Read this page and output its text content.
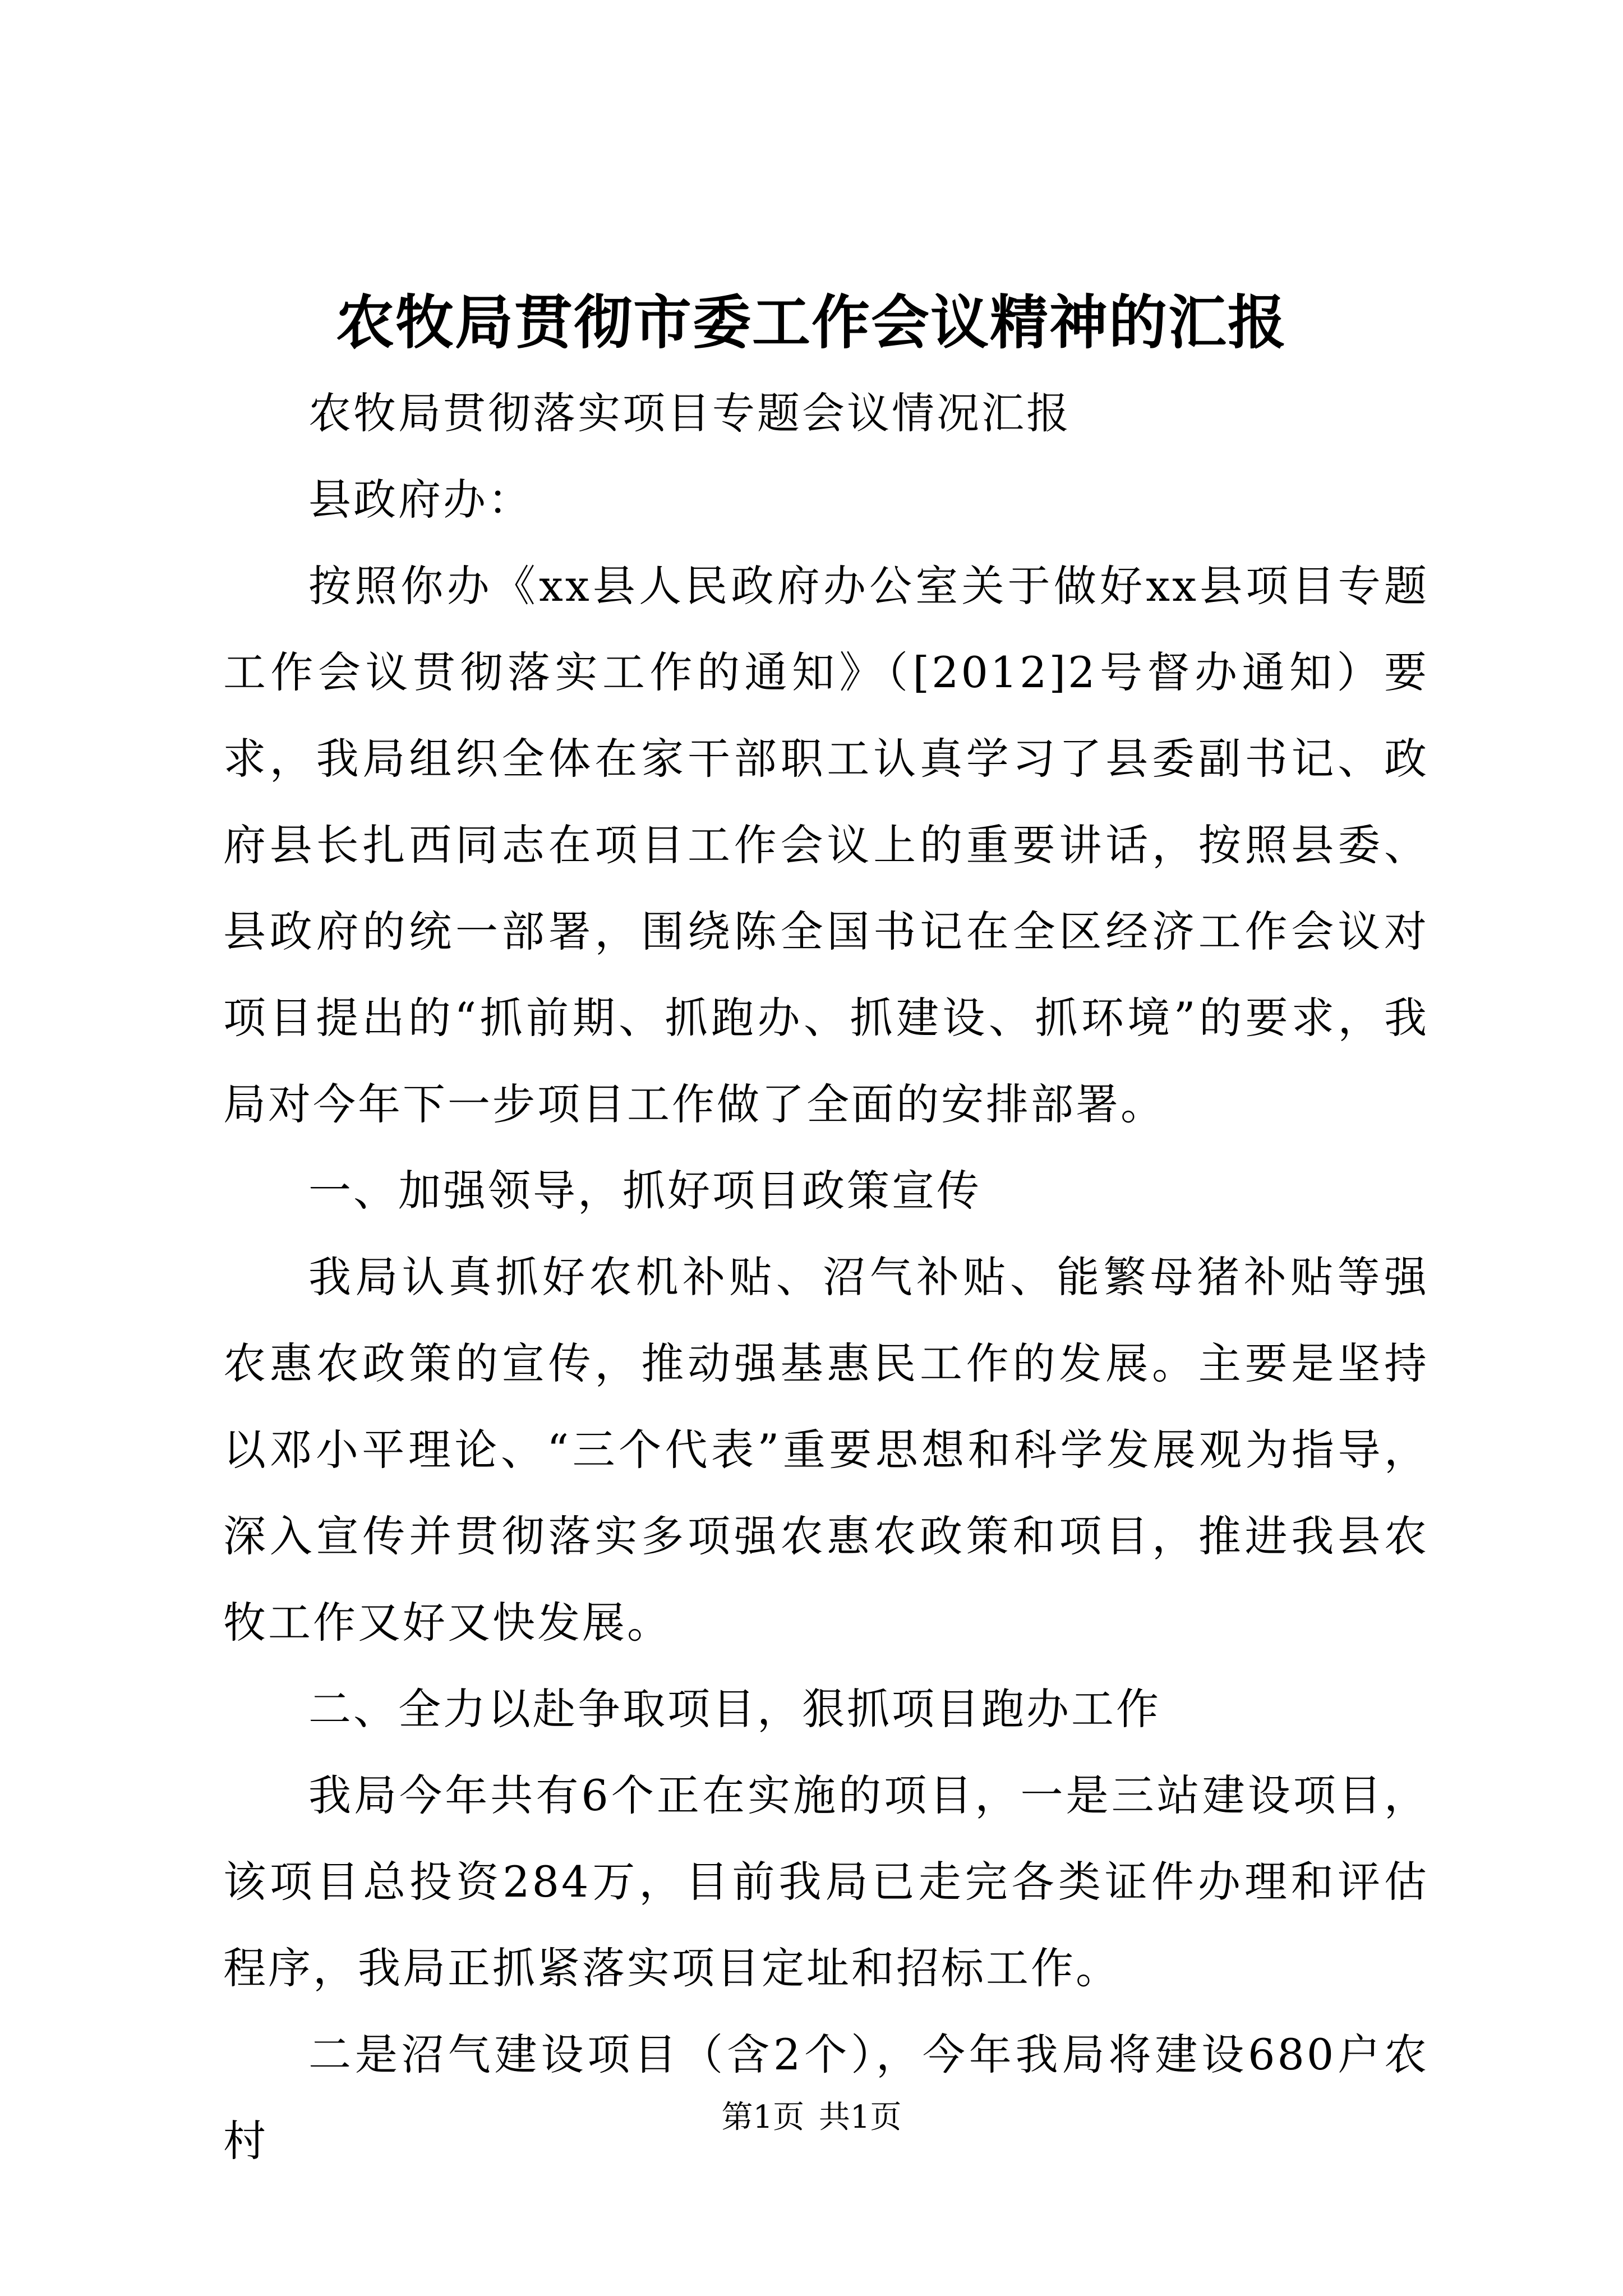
农牧局贯彻市委工作会议精神的汇报

农牧局贯彻落实项目专题会议情况汇报

县政府办：

按照你办《xx县人民政府办公室关于做好xx县项目专题工作会议贯彻落实工作的通知》（[2012]2号督办通知）要求，我局组织全体在家干部职工认真学习了县委副书记、政府县长扎西同志在项目工作会议上的重要讲话，按照县委、县政府的统一部署，围绕陈全国书记在全区经济工作会议对项目提出的“抓前期、抓跑办、抓建设、抓环境”的要求，我局对今年下一步项目工作做了全面的安排部署。

一、加强领导，抓好项目政策宣传

我局认真抓好农机补贴、沼气补贴、能繁母猪补贴等强农惠农政策的宣传，推动强基惠民工作的发展。主要是坚持以邓小平理论、“三个代表”重要思想和科学发展观为指导，深入宣传并贯彻落实多项强农惠农政策和项目，推进我县农牧工作又好又快发展。

二、全力以赴争取项目，狠抓项目跑办工作

我局今年共有6个正在实施的项目，一是三站建设项目，该项目总投资284万，目前我局已走完各类证件办理和评估程序，我局正抓紧落实项目定址和招标工作。

二是沼气建设项目（含2个），今年我局将建设680户农村	第1页 共1页
